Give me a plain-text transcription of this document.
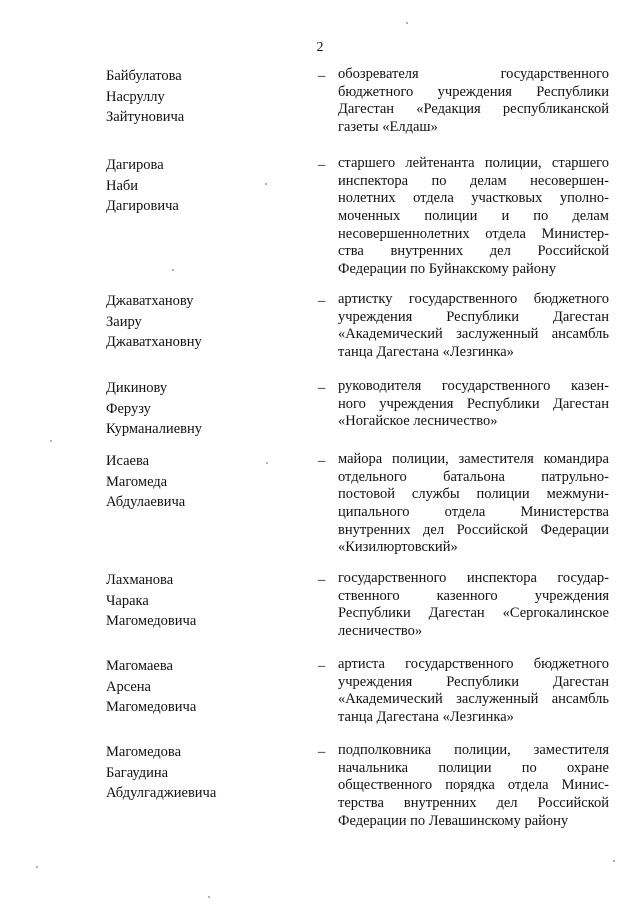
2
Байбулатова
Насруллу
Зайтуновича
– обозревателя государственного
бюджетного учреждения Республики
Дагестан «Редакция республиканской
газеты «Елдаш»
Дагирова
Наби
Дагировича
– старшего лейтенанта полиции, старшего
инспектора по делам несовершен-
нолетних отдела участковых уполно-
моченных полиции и по делам
несовершеннолетних отдела Министер-
ства внутренних дел Российской
Федерации по Буйнакскому району
Джаватханову
Заиру
Джаватхановну
– артистку государственного бюджетного
учреждения Республики Дагестан
«Академический заслуженный ансамбль
танца Дагестана «Лезгинка»
Дикинову
Ферузу
Курманалиевну
– руководителя государственного казен-
ного учреждения Республики Дагестан
«Ногайское лесничество»
Исаева
Магомеда
Абдулаевича
– майора полиции, заместителя командира
отдельного батальона патрульно-
постовой службы полиции межмуни-
ципального отдела Министерства
внутренних дел Российской Федерации
«Кизилюртовский»
Лахманова
Чарака
Магомедовича
– государственного инспектора государ-
ственного казенного учреждения
Республики Дагестан «Сергокалинское
лесничество»
Магомаева
Арсена
Магомедовича
– артиста государственного бюджетного
учреждения Республики Дагестан
«Академический заслуженный ансамбль
танца Дагестана «Лезгинка»
Магомедова
Багаудина
Абдулгаджиевича
– подполковника полиции, заместителя
начальника полиции по охране
общественного порядка отдела Минис-
терства внутренних дел Российской
Федерации по Левашинскому району
